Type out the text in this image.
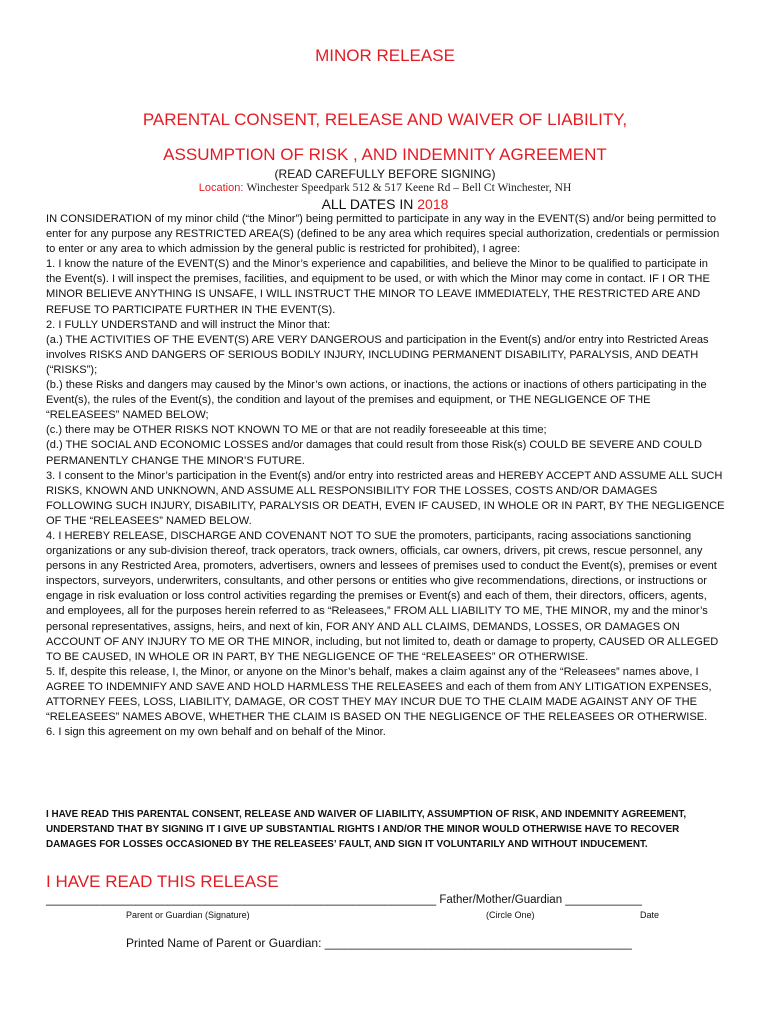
MINOR RELEASE
PARENTAL CONSENT, RELEASE AND WAIVER OF LIABILITY,
ASSUMPTION OF RISK , AND INDEMNITY AGREEMENT
(READ CAREFULLY BEFORE SIGNING)
Location: Winchester Speedpark 512 & 517 Keene Rd – Bell Ct Winchester, NH
ALL DATES IN 2018

IN CONSIDERATION of my minor child (“the Minor”) being permitted to participate in any way in the EVENT(S) and/or being permitted to enter for any purpose any RESTRICTED AREA(S) (defined to be any area which requires special authorization, credentials or permission to enter or any area to which admission by the general public is restricted for prohibited), I agree:

1. I know the nature of the EVENT(S) and the Minor’s experience and capabilities, and believe the Minor to be qualified to participate in the Event(s). I will inspect the premises, facilities, and equipment to be used, or with which the Minor may come in contact. IF I OR THE MINOR BELIEVE ANYTHING IS UNSAFE, I WILL INSTRUCT THE MINOR TO LEAVE IMMEDIATELY, THE RESTRICTED ARE AND REFUSE TO PARTICIPATE FURTHER IN THE EVENT(S).

2. I FULLY UNDERSTAND and will instruct the Minor that:

(a.) THE ACTIVITIES OF THE EVENT(S) ARE VERY DANGEROUS and participation in the Event(s) and/or entry into Restricted Areas involves RISKS AND DANGERS OF SERIOUS BODILY INJURY, INCLUDING PERMANENT DISABILITY, PARALYSIS, AND DEATH (“RISKS”);

(b.) these Risks and dangers may caused by the Minor’s own actions, or inactions, the actions or inactions of others participating in the Event(s), the rules of the Event(s), the condition and layout of the premises and equipment, or THE NEGLIGENCE OF THE “RELEASEES” NAMED BELOW;

(c.) there may be OTHER RISKS NOT KNOWN TO ME or that are not readily foreseeable at this time;

(d.) THE SOCIAL AND ECONOMIC LOSSES and/or damages that could result from those Risk(s) COULD BE SEVERE AND COULD PERMANENTLY CHANGE THE MINOR’S FUTURE.

3. I consent to the Minor’s participation in the Event(s) and/or entry into restricted areas and HEREBY ACCEPT AND ASSUME ALL SUCH RISKS, KNOWN AND UNKNOWN, AND ASSUME ALL RESPONSIBILITY FOR THE LOSSES, COSTS AND/OR DAMAGES FOLLOWING SUCH INJURY, DISABILITY, PARALYSIS OR DEATH, EVEN IF CAUSED, IN WHOLE OR IN PART, BY THE NEGLIGENCE OF THE “RELEASEES” NAMED BELOW.

4. I HEREBY RELEASE, DISCHARGE AND COVENANT NOT TO SUE the promoters, participants, racing associations sanctioning organizations or any sub-division thereof, track operators, track owners, officials, car owners, drivers, pit crews, rescue personnel, any persons in any Restricted Area, promoters, advertisers, owners and lessees of premises used to conduct the Event(s), premises or event inspectors, surveyors, underwriters, consultants, and other persons or entities who give recommendations, directions, or instructions or engage in risk evaluation or loss control activities regarding the premises or Event(s) and each of them, their directors, officers, agents, and employees, all for the purposes herein referred to as “Releasees,” FROM ALL LIABILITY TO ME, THE MINOR, my and the minor’s personal representatives, assigns, heirs, and next of kin, FOR ANY AND ALL CLAIMS, DEMANDS, LOSSES, OR DAMAGES ON ACCOUNT OF ANY INJURY TO ME OR THE MINOR, including, but not limited to, death or damage to property, CAUSED OR ALLEGED TO BE CAUSED, IN WHOLE OR IN PART, BY THE NEGLIGENCE OF THE “RELEASEES” OR OTHERWISE.

5. If, despite this release, I, the Minor, or anyone on the Minor’s behalf, makes a claim against any of the “Releasees” names above, I AGREE TO INDEMNIFY AND SAVE AND HOLD HARMLESS THE RELEASEES and each of them from ANY LITIGATION EXPENSES, ATTORNEY FEES, LOSS, LIABILITY, DAMAGE, OR COST THEY MAY INCUR DUE TO THE CLAIM MADE AGAINST ANY OF THE “RELEASEES” NAMES ABOVE, WHETHER THE CLAIM IS BASED ON THE NEGLIGENCE OF THE RELEASEES OR OTHERWISE.

6. I sign this agreement on my own behalf and on behalf of the Minor.

I HAVE READ THIS PARENTAL CONSENT, RELEASE AND WAIVER OF LIABILITY, ASSUMPTION OF RISK, AND INDEMNITY AGREEMENT, UNDERSTAND THAT BY SIGNING IT I GIVE UP SUBSTANTIAL RIGHTS I AND/OR THE MINOR WOULD OTHERWISE HAVE TO RECOVER DAMAGES FOR LOSSES OCCASIONED BY THE RELEASEES’ FAULT, AND SIGN IT VOLUNTARILY AND WITHOUT INDUCEMENT.

I HAVE READ THIS RELEASE
_____________________________________________________________ Father/Mother/Guardian ____________
Parent or Guardian (Signature)	(Circle One)	Date
Printed Name of Parent or Guardian: ______________________________________________
